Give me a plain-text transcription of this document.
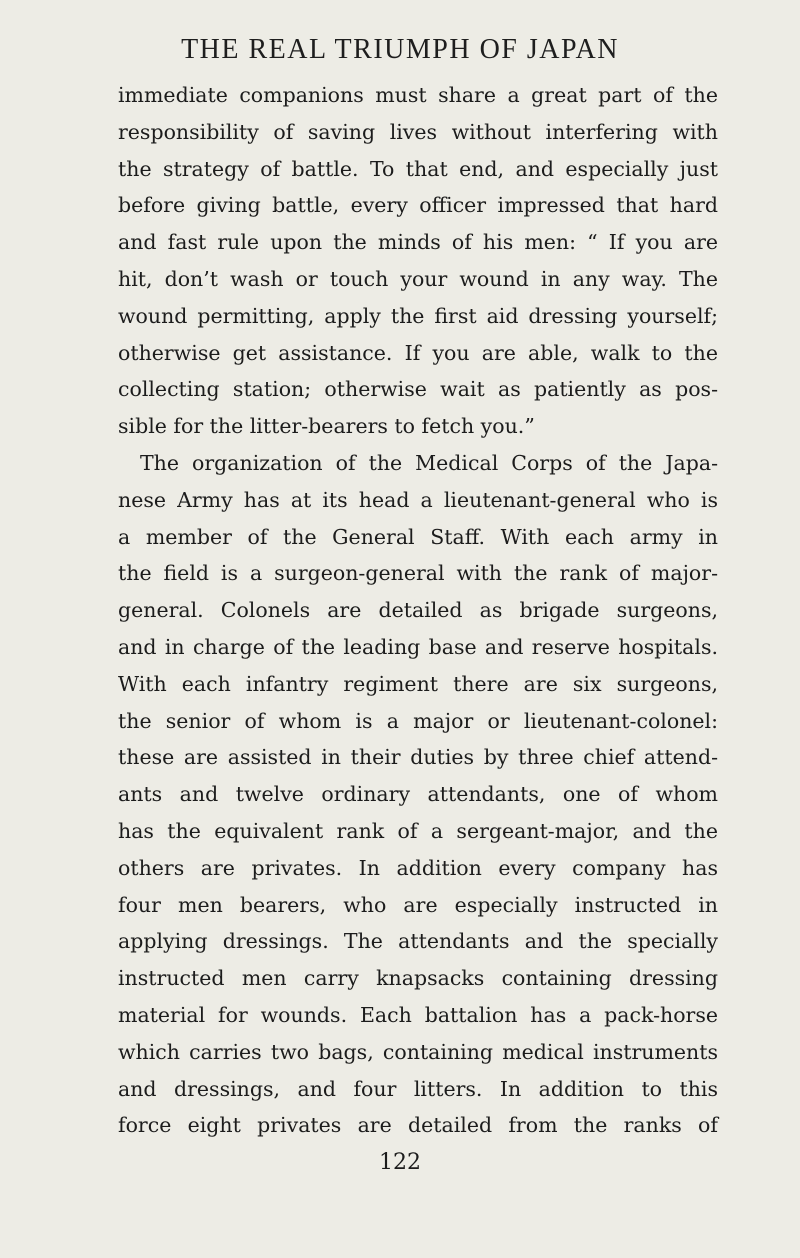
THE REAL TRIUMPH OF JAPAN
immediate companions must share a great part of the
responsibility of saving lives without interfering with
the strategy of battle. To that end, and especially just
before giving battle, every officer impressed that hard
and fast rule upon the minds of his men: “ If you are
hit, don’t wash or touch your wound in any way. The
wound permitting, apply the first aid dressing yourself;
otherwise get assistance. If you are able, walk to the
collecting station; otherwise wait as patiently as pos-
sible for the litter-bearers to fetch you.”
The organization of the Medical Corps of the Japa-
nese Army has at its head a lieutenant-general who is
a member of the General Staff. With each army in
the field is a surgeon-general with the rank of major-
general. Colonels are detailed as brigade surgeons,
and in charge of the leading base and reserve hospitals.
With each infantry regiment there are six surgeons,
the senior of whom is a major or lieutenant-colonel:
these are assisted in their duties by three chief attend-
ants and twelve ordinary attendants, one of whom
has the equivalent rank of a sergeant-major, and the
others are privates. In addition every company has
four men bearers, who are especially instructed in
applying dressings. The attendants and the specially
instructed men carry knapsacks containing dressing
material for wounds. Each battalion has a pack-horse
which carries two bags, containing medical instruments
and dressings, and four litters. In addition to this
force eight privates are detailed from the ranks of
122
